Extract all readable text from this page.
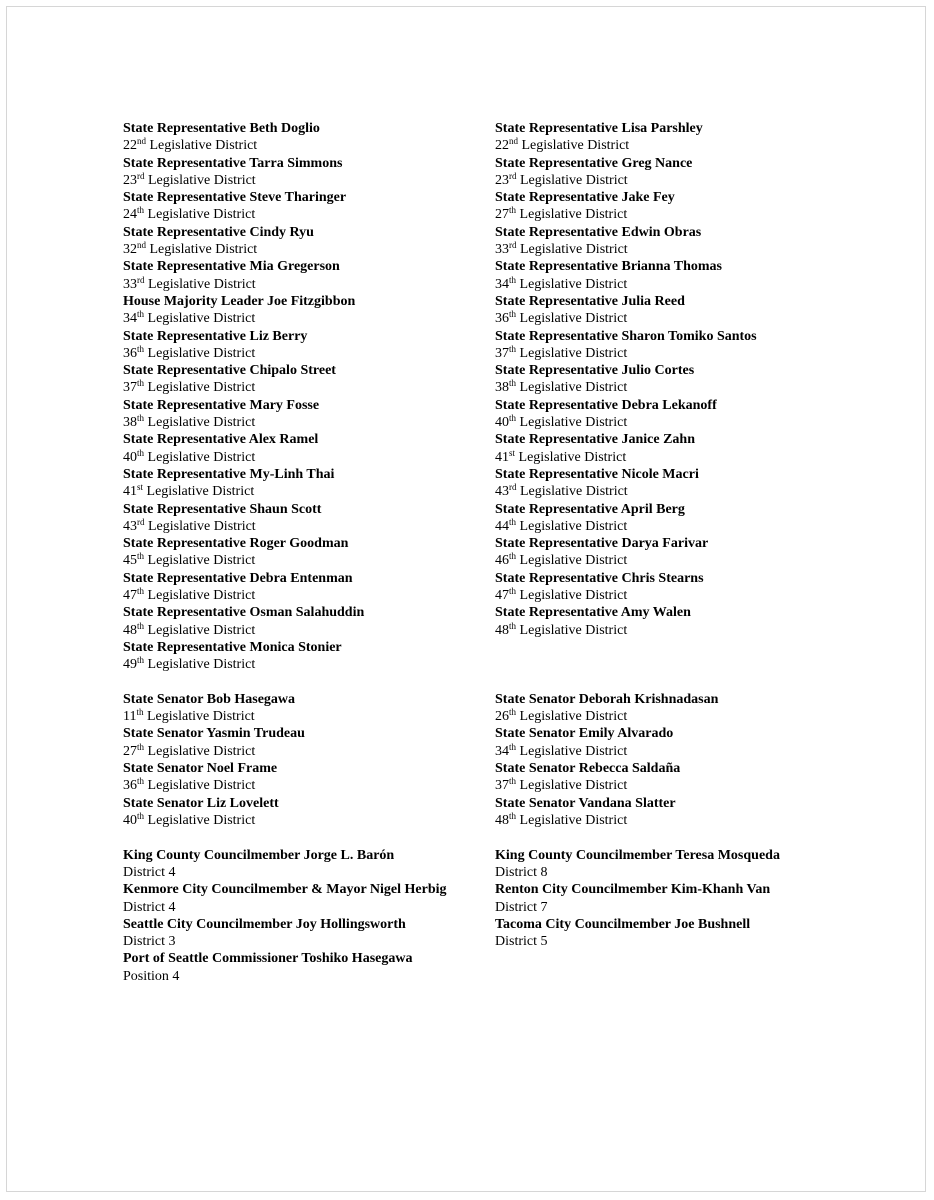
State Representative Beth Doglio
22nd Legislative District
State Representative Tarra Simmons
23rd Legislative District
State Representative Steve Tharinger
24th Legislative District
State Representative Cindy Ryu
32nd Legislative District
State Representative Mia Gregerson
33rd Legislative District
House Majority Leader Joe Fitzgibbon
34th Legislative District
State Representative Liz Berry
36th Legislative District
State Representative Chipalo Street
37th Legislative District
State Representative Mary Fosse
38th Legislative District
State Representative Alex Ramel
40th Legislative District
State Representative My-Linh Thai
41st Legislative District
State Representative Shaun Scott
43rd Legislative District
State Representative Roger Goodman
45th Legislative District
State Representative Debra Entenman
47th Legislative District
State Representative Osman Salahuddin
48th Legislative District
State Representative Monica Stonier
49th Legislative District
State Senator Bob Hasegawa
11th Legislative District
State Senator Yasmin Trudeau
27th Legislative District
State Senator Noel Frame
36th Legislative District
State Senator Liz Lovelett
40th Legislative District
King County Councilmember Jorge L. Barón
District 4
Kenmore City Councilmember & Mayor Nigel Herbig
District 4
Seattle City Councilmember Joy Hollingsworth
District 3
Port of Seattle Commissioner Toshiko Hasegawa
Position 4
State Representative Lisa Parshley
22nd Legislative District
State Representative Greg Nance
23rd Legislative District
State Representative Jake Fey
27th Legislative District
State Representative Edwin Obras
33rd Legislative District
State Representative Brianna Thomas
34th Legislative District
State Representative Julia Reed
36th Legislative District
State Representative Sharon Tomiko Santos
37th Legislative District
State Representative Julio Cortes
38th Legislative District
State Representative Debra Lekanoff
40th Legislative District
State Representative Janice Zahn
41st Legislative District
State Representative Nicole Macri
43rd Legislative District
State Representative April Berg
44th Legislative District
State Representative Darya Farivar
46th Legislative District
State Representative Chris Stearns
47th Legislative District
State Representative Amy Walen
48th Legislative District
State Senator Deborah Krishnadasan
26th Legislative District
State Senator Emily Alvarado
34th Legislative District
State Senator Rebecca Saldaña
37th Legislative District
State Senator Vandana Slatter
48th Legislative District
King County Councilmember Teresa Mosqueda
District 8
Renton City Councilmember Kim-Khanh Van
District 7
Tacoma City Councilmember Joe Bushnell
District 5
